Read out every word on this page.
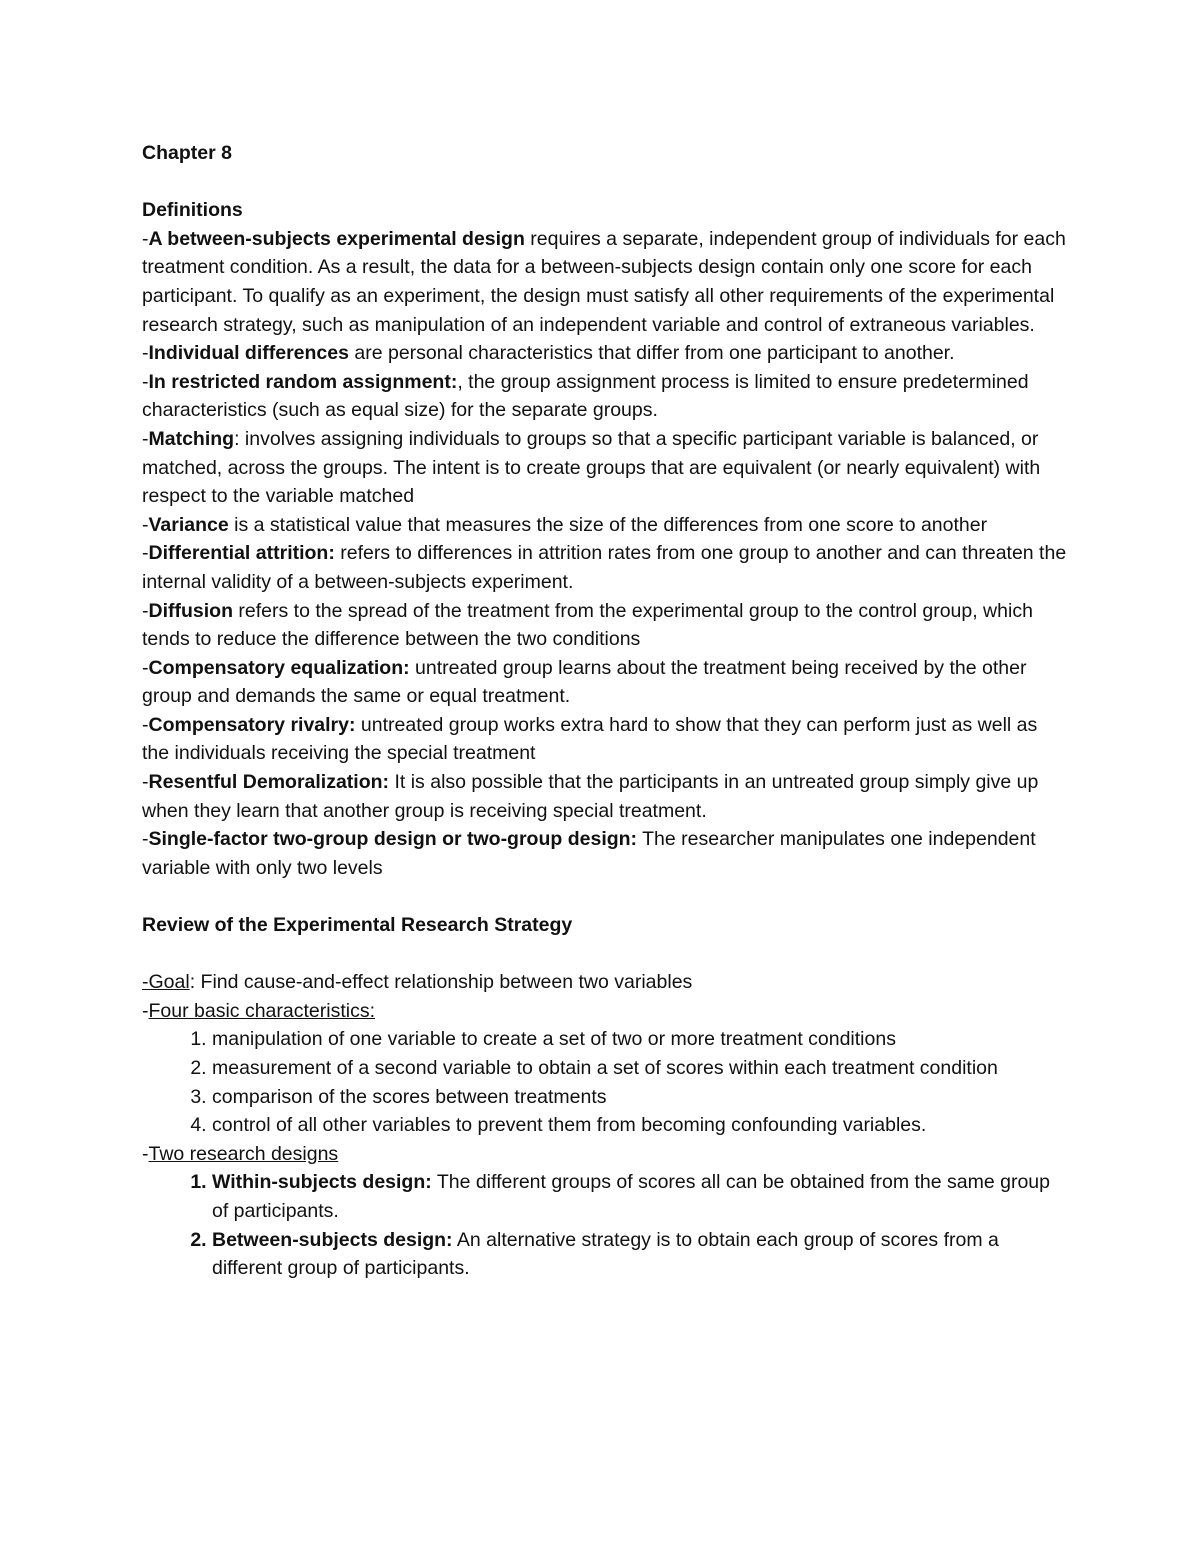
Chapter 8

Definitions

-A between-subjects experimental design requires a separate, independent group of individuals for each treatment condition. As a result, the data for a between-subjects design contain only one score for each participant. To qualify as an experiment, the design must satisfy all other requirements of the experimental research strategy, such as manipulation of an independent variable and control of extraneous variables.

-Individual differences are personal characteristics that differ from one participant to another.

-In restricted random assignment:, the group assignment process is limited to ensure predetermined characteristics (such as equal size) for the separate groups.

-Matching: involves assigning individuals to groups so that a specific participant variable is balanced, or matched, across the groups. The intent is to create groups that are equivalent (or nearly equivalent) with respect to the variable matched

-Variance is a statistical value that measures the size of the differences from one score to another

-Differential attrition: refers to differences in attrition rates from one group to another and can threaten the internal validity of a between-subjects experiment.

-Diffusion refers to the spread of the treatment from the experimental group to the control group, which tends to reduce the difference between the two conditions

-Compensatory equalization: untreated group learns about the treatment being received by the other group and demands the same or equal treatment.

-Compensatory rivalry: untreated group works extra hard to show that they can perform just as well as the individuals receiving the special treatment

-Resentful Demoralization: It is also possible that the participants in an untreated group simply give up when they learn that another group is receiving special treatment.

-Single-factor two-group design or two-group design: The researcher manipulates one independent variable with only two levels

Review of the Experimental Research Strategy

-Goal: Find cause-and-effect relationship between two variables

-Four basic characteristics:

1. manipulation of one variable to create a set of two or more treatment conditions
2. measurement of a second variable to obtain a set of scores within each treatment condition
3. comparison of the scores between treatments
4. control of all other variables to prevent them from becoming confounding variables.

-Two research designs

1. Within-subjects design: The different groups of scores all can be obtained from the same group of participants.
2. Between-subjects design: An alternative strategy is to obtain each group of scores from a different group of participants.
